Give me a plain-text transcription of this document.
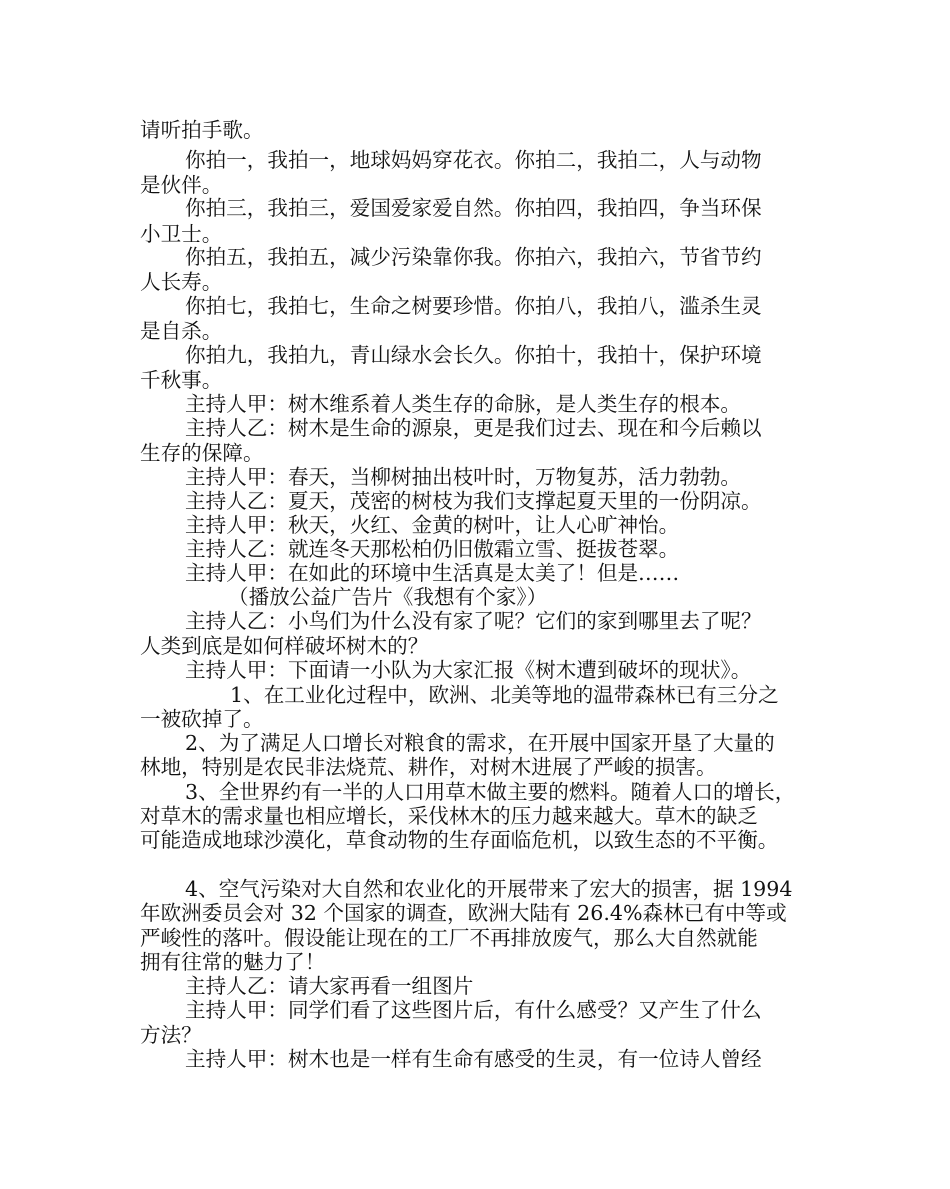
请听拍手歌。
你拍一，我拍一，地球妈妈穿花衣。你拍二，我拍二，人与动物
是伙伴。
你拍三，我拍三，爱国爱家爱自然。你拍四，我拍四，争当环保
小卫士。
你拍五，我拍五，减少污染靠你我。你拍六，我拍六，节省节约
人长寿。
你拍七，我拍七，生命之树要珍惜。你拍八，我拍八，滥杀生灵
是自杀。
你拍九，我拍九，青山绿水会长久。你拍十，我拍十，保护环境
千秋事。
主持人甲：树木维系着人类生存的命脉，是人类生存的根本。
主持人乙：树木是生命的源泉，更是我们过去、现在和今后赖以
生存的保障。
主持人甲：春天，当柳树抽出枝叶时，万物复苏，活力勃勃。
主持人乙：夏天，茂密的树枝为我们支撑起夏天里的一份阴凉。
主持人甲：秋天，火红、金黄的树叶，让人心旷神怡。
主持人乙：就连冬天那松柏仍旧傲霜立雪、挺拔苍翠。
主持人甲：在如此的环境中生活真是太美了！但是……
（播放公益广告片《我想有个家》）
主持人乙：小鸟们为什么没有家了呢？它们的家到哪里去了呢？
人类到底是如何样破坏树木的？
主持人甲：下面请一小队为大家汇报《树木遭到破坏的现状》。
1、在工业化过程中，欧洲、北美等地的温带森林已有三分之
一被砍掉了。
2、为了满足人口增长对粮食的需求，在开展中国家开垦了大量的
林地，特别是农民非法烧荒、耕作，对树木进展了严峻的损害。
3、全世界约有一半的人口用草木做主要的燃料。随着人口的增长，
对草木的需求量也相应增长，采伐林木的压力越来越大。草木的缺乏
可能造成地球沙漠化，草食动物的生存面临危机，以致生态的不平衡。
4、空气污染对大自然和农业化的开展带来了宏大的损害，据 1994
年欧洲委员会对 32 个国家的调查，欧洲大陆有 26.4%森林已有中等或
严峻性的落叶。假设能让现在的工厂不再排放废气，那么大自然就能
拥有往常的魅力了！
主持人乙：请大家再看一组图片
主持人甲：同学们看了这些图片后，有什么感受？又产生了什么
方法？
主持人甲：树木也是一样有生命有感受的生灵，有一位诗人曾经
